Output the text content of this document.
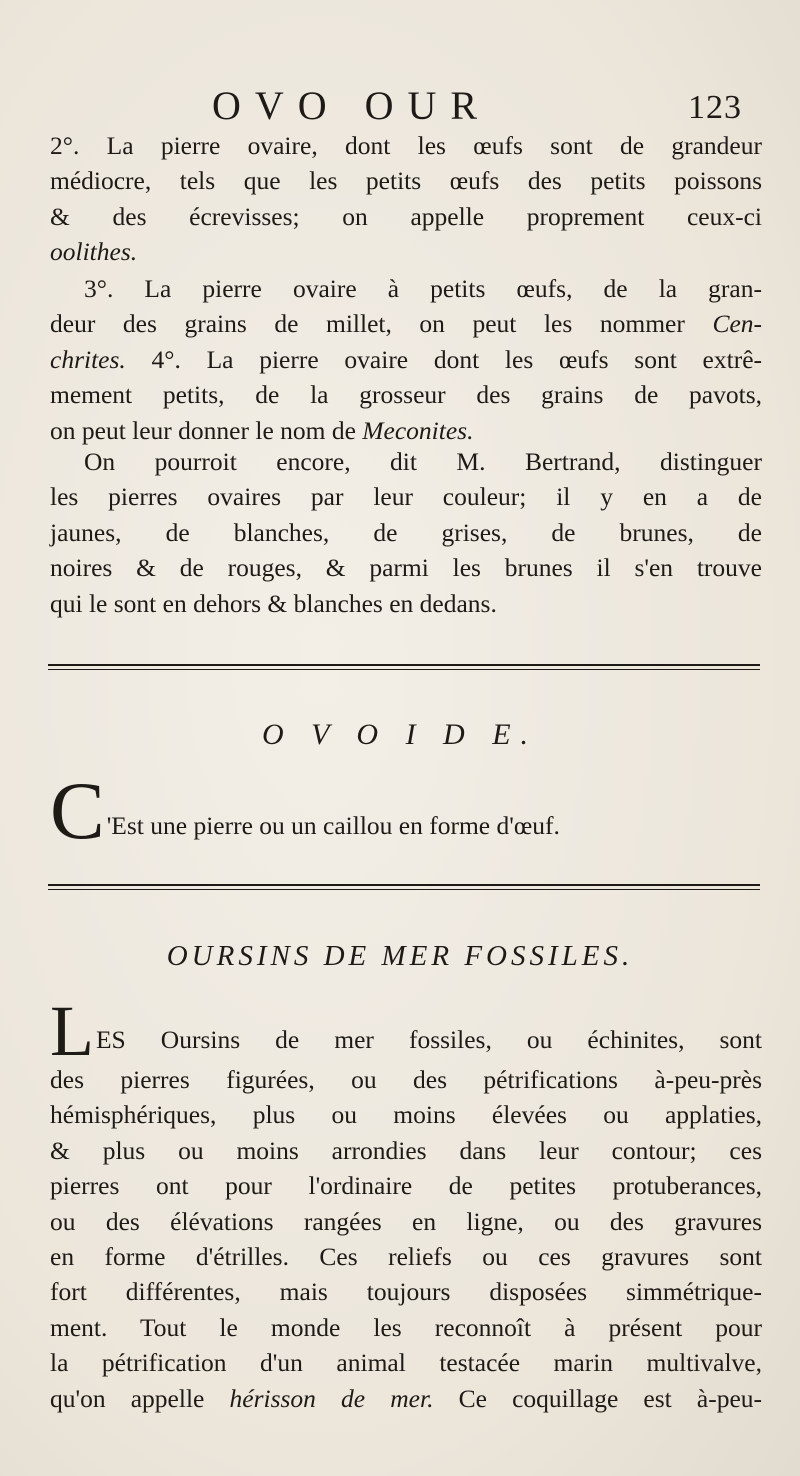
OVO OUR	123
2°. La pierre ovaire, dont les œufs sont de grandeur
médiocre, tels que les petits œufs des petits poissons
& des écrevisses; on appelle proprement ceux-ci
oolithes.
3°. La pierre ovaire à petits œufs, de la gran-
deur des grains de millet, on peut les nommer Cen-
chrites. 4°. La pierre ovaire dont les œufs sont extrê-
mement petits, de la grosseur des grains de pavots,
on peut leur donner le nom de Meconites.
On pourroit encore, dit M. Bertrand, distinguer
les pierres ovaires par leur couleur; il y en a de
jaunes, de blanches, de grises, de brunes, de
noires & de rouges, & parmi les brunes il s'en trouve
qui le sont en dehors & blanches en dedans.
O V O I D E.
C 'Est une pierre ou un caillou en forme d'œuf.
OURSINS DE MER FOSSILES.
L ES Oursins de mer fossiles, ou échinites, sont
des pierres figurées, ou des pétrifications à-peu-près
hémisphériques, plus ou moins élevées ou applaties,
& plus ou moins arrondies dans leur contour; ces
pierres ont pour l'ordinaire de petites protuberances,
ou des élévations rangées en ligne, ou des gravures
en forme d'étrilles. Ces reliefs ou ces gravures sont
fort différentes, mais toujours disposées simmétrique-
ment. Tout le monde les reconnoît à présent pour
la pétrification d'un animal testacée marin multivalve,
qu'on appelle hérisson de mer. Ce coquillage est à-peu-
